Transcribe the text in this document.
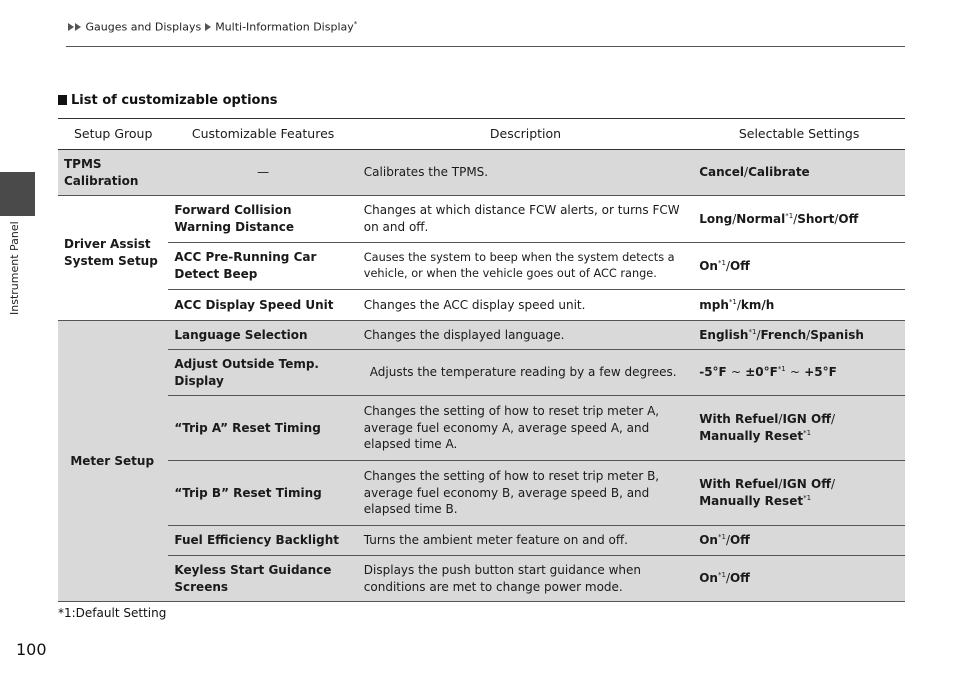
Gauges and Displays Multi-Information Display*
Instrument Panel
List of customizable options
Setup Group	Customizable Features	Description	Selectable Settings
TPMS Calibration	—	Calibrates the TPMS.	Cancel/Calibrate
Driver Assist System Setup	Forward Collision Warning Distance	Changes at which distance FCW alerts, or turns FCW on and off.	Long/Normal$^{*1}$/Short/Off
	ACC Pre-Running Car Detect Beep	Causes the system to beep when the system detects a vehicle, or when the vehicle goes out of ACC range.	On$^{*1}$/Off
	ACC Display Speed Unit	Changes the ACC display speed unit.	mph$^{*1}$/km/h
Meter Setup	Language Selection	Changes the displayed language.	English$^{*1}$/French/Spanish
	Adjust Outside Temp. Display	Adjusts the temperature reading by a few degrees.	-5°F ~ $\pm 0^\circ F^{*1}$ ~ +5°F
	“Trip A” Reset Timing	Changes the setting of how to reset trip meter A, average fuel economy A, average speed A, and elapsed time A.	With Refuel/IGN Off/
Manually Reset$^{*1}$
	“Trip B” Reset Timing	Changes the setting of how to reset trip meter B, average fuel economy B, average speed B, and elapsed time B.	With Refuel/IGN Off/
Manually Reset$^{*1}$
	Fuel Efficiency Backlight	Turns the ambient meter feature on and off.	On$^{*1}$/Off
	Keyless Start Guidance Screens	Displays the push button start guidance when conditions are met to change power mode.	On$^{*1}$/Off
*1:Default Setting
100
